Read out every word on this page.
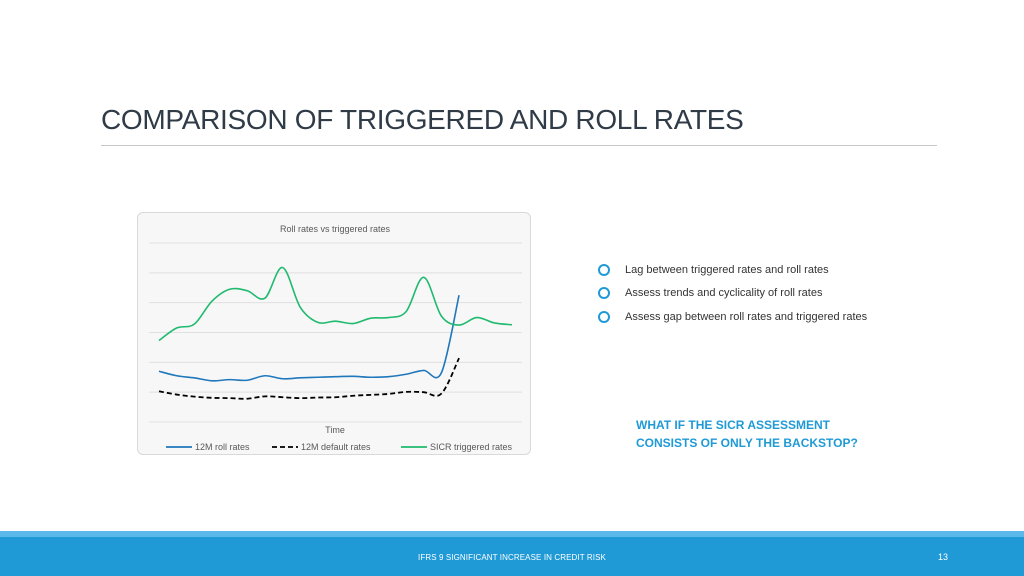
COMPARISON OF TRIGGERED AND ROLL RATES
Roll rates vs triggered rates
Time
12M roll rates	12M default rates	SICR triggered rates
Lag between triggered rates and roll rates
Assess trends and cyclicality of roll rates
Assess gap between roll rates and triggered rates
WHAT IF THE SICR ASSESSMENT
CONSISTS OF ONLY THE BACKSTOP?
IFRS 9 SIGNIFICANT INCREASE IN CREDIT RISK	13
